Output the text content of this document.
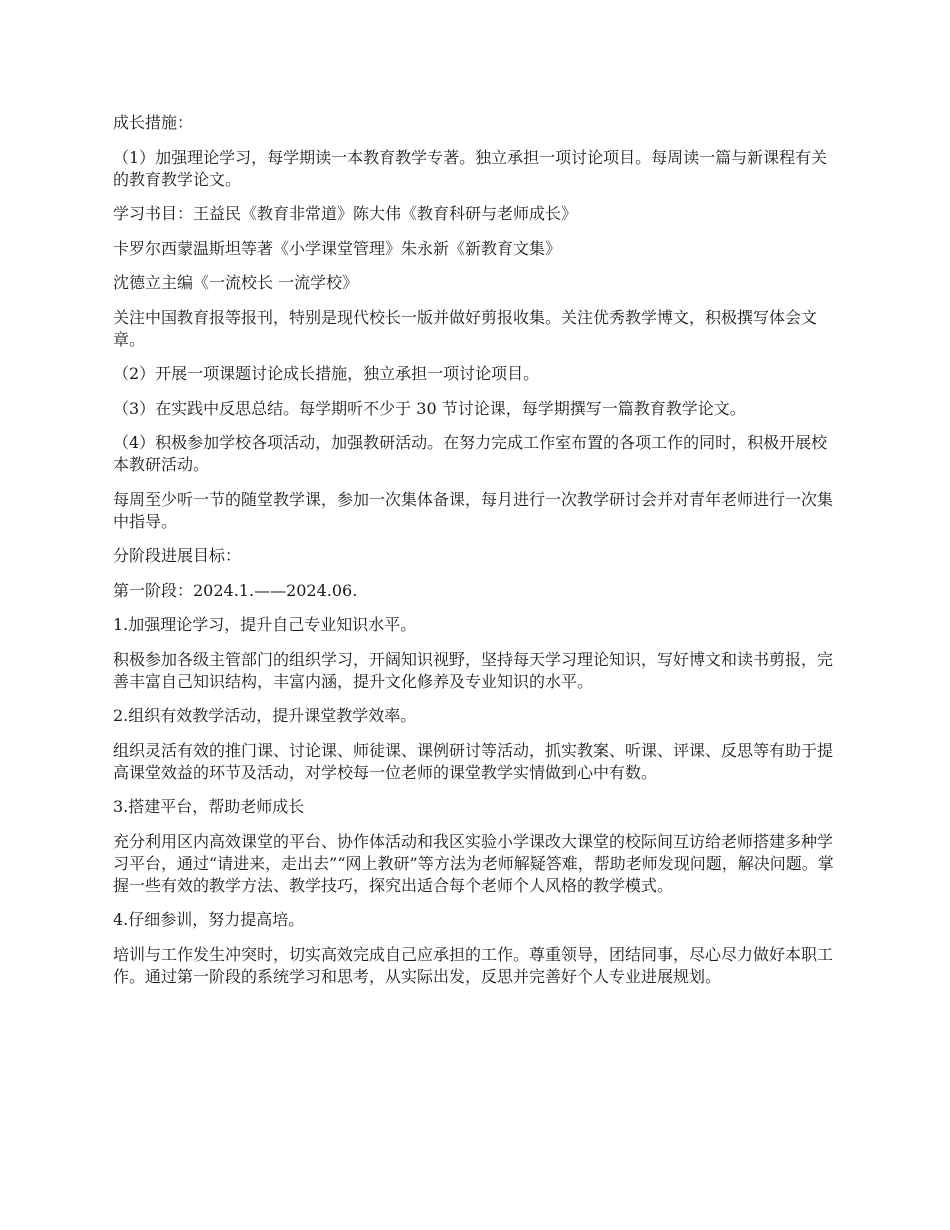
成长措施：

（1）加强理论学习，每学期读一本教育教学专著。独立承担一项讨论项目。每周读一篇与新课程有关的教育教学论文。

学习书目：王益民《教育非常道》陈大伟《教育科研与老师成长》

卡罗尔西蒙温斯坦等著《小学课堂管理》朱永新《新教育文集》

沈德立主编《一流校长 一流学校》

关注中国教育报等报刊，特别是现代校长一版并做好剪报收集。关注优秀教学博文，积极撰写体会文章。

（2）开展一项课题讨论成长措施，独立承担一项讨论项目。

（3）在实践中反思总结。每学期听不少于 30 节讨论课，每学期撰写一篇教育教学论文。

（4）积极参加学校各项活动，加强教研活动。在努力完成工作室布置的各项工作的同时，积极开展校本教研活动。

每周至少听一节的随堂教学课，参加一次集体备课，每月进行一次教学研讨会并对青年老师进行一次集中指导。

分阶段进展目标：

第一阶段：2024.1.——2024.06.

1.加强理论学习，提升自己专业知识水平。

积极参加各级主管部门的组织学习，开阔知识视野，坚持每天学习理论知识，写好博文和读书剪报，完善丰富自己知识结构，丰富内涵，提升文化修养及专业知识的水平。

2.组织有效教学活动，提升课堂教学效率。

组织灵活有效的推门课、讨论课、师徒课、课例研讨等活动，抓实教案、听课、评课、反思等有助于提高课堂效益的环节及活动，对学校每一位老师的课堂教学实情做到心中有数。

3.搭建平台，帮助老师成长

充分利用区内高效课堂的平台、协作体活动和我区实验小学课改大课堂的校际间互访给老师搭建多种学习平台，通过“请进来，走出去”“网上教研”等方法为老师解疑答难，帮助老师发现问题，解决问题。掌握一些有效的教学方法、教学技巧，探究出适合每个老师个人风格的教学模式。

4.仔细参训，努力提高培。

培训与工作发生冲突时，切实高效完成自己应承担的工作。尊重领导，团结同事，尽心尽力做好本职工作。通过第一阶段的系统学习和思考，从实际出发，反思并完善好个人专业进展规划。
